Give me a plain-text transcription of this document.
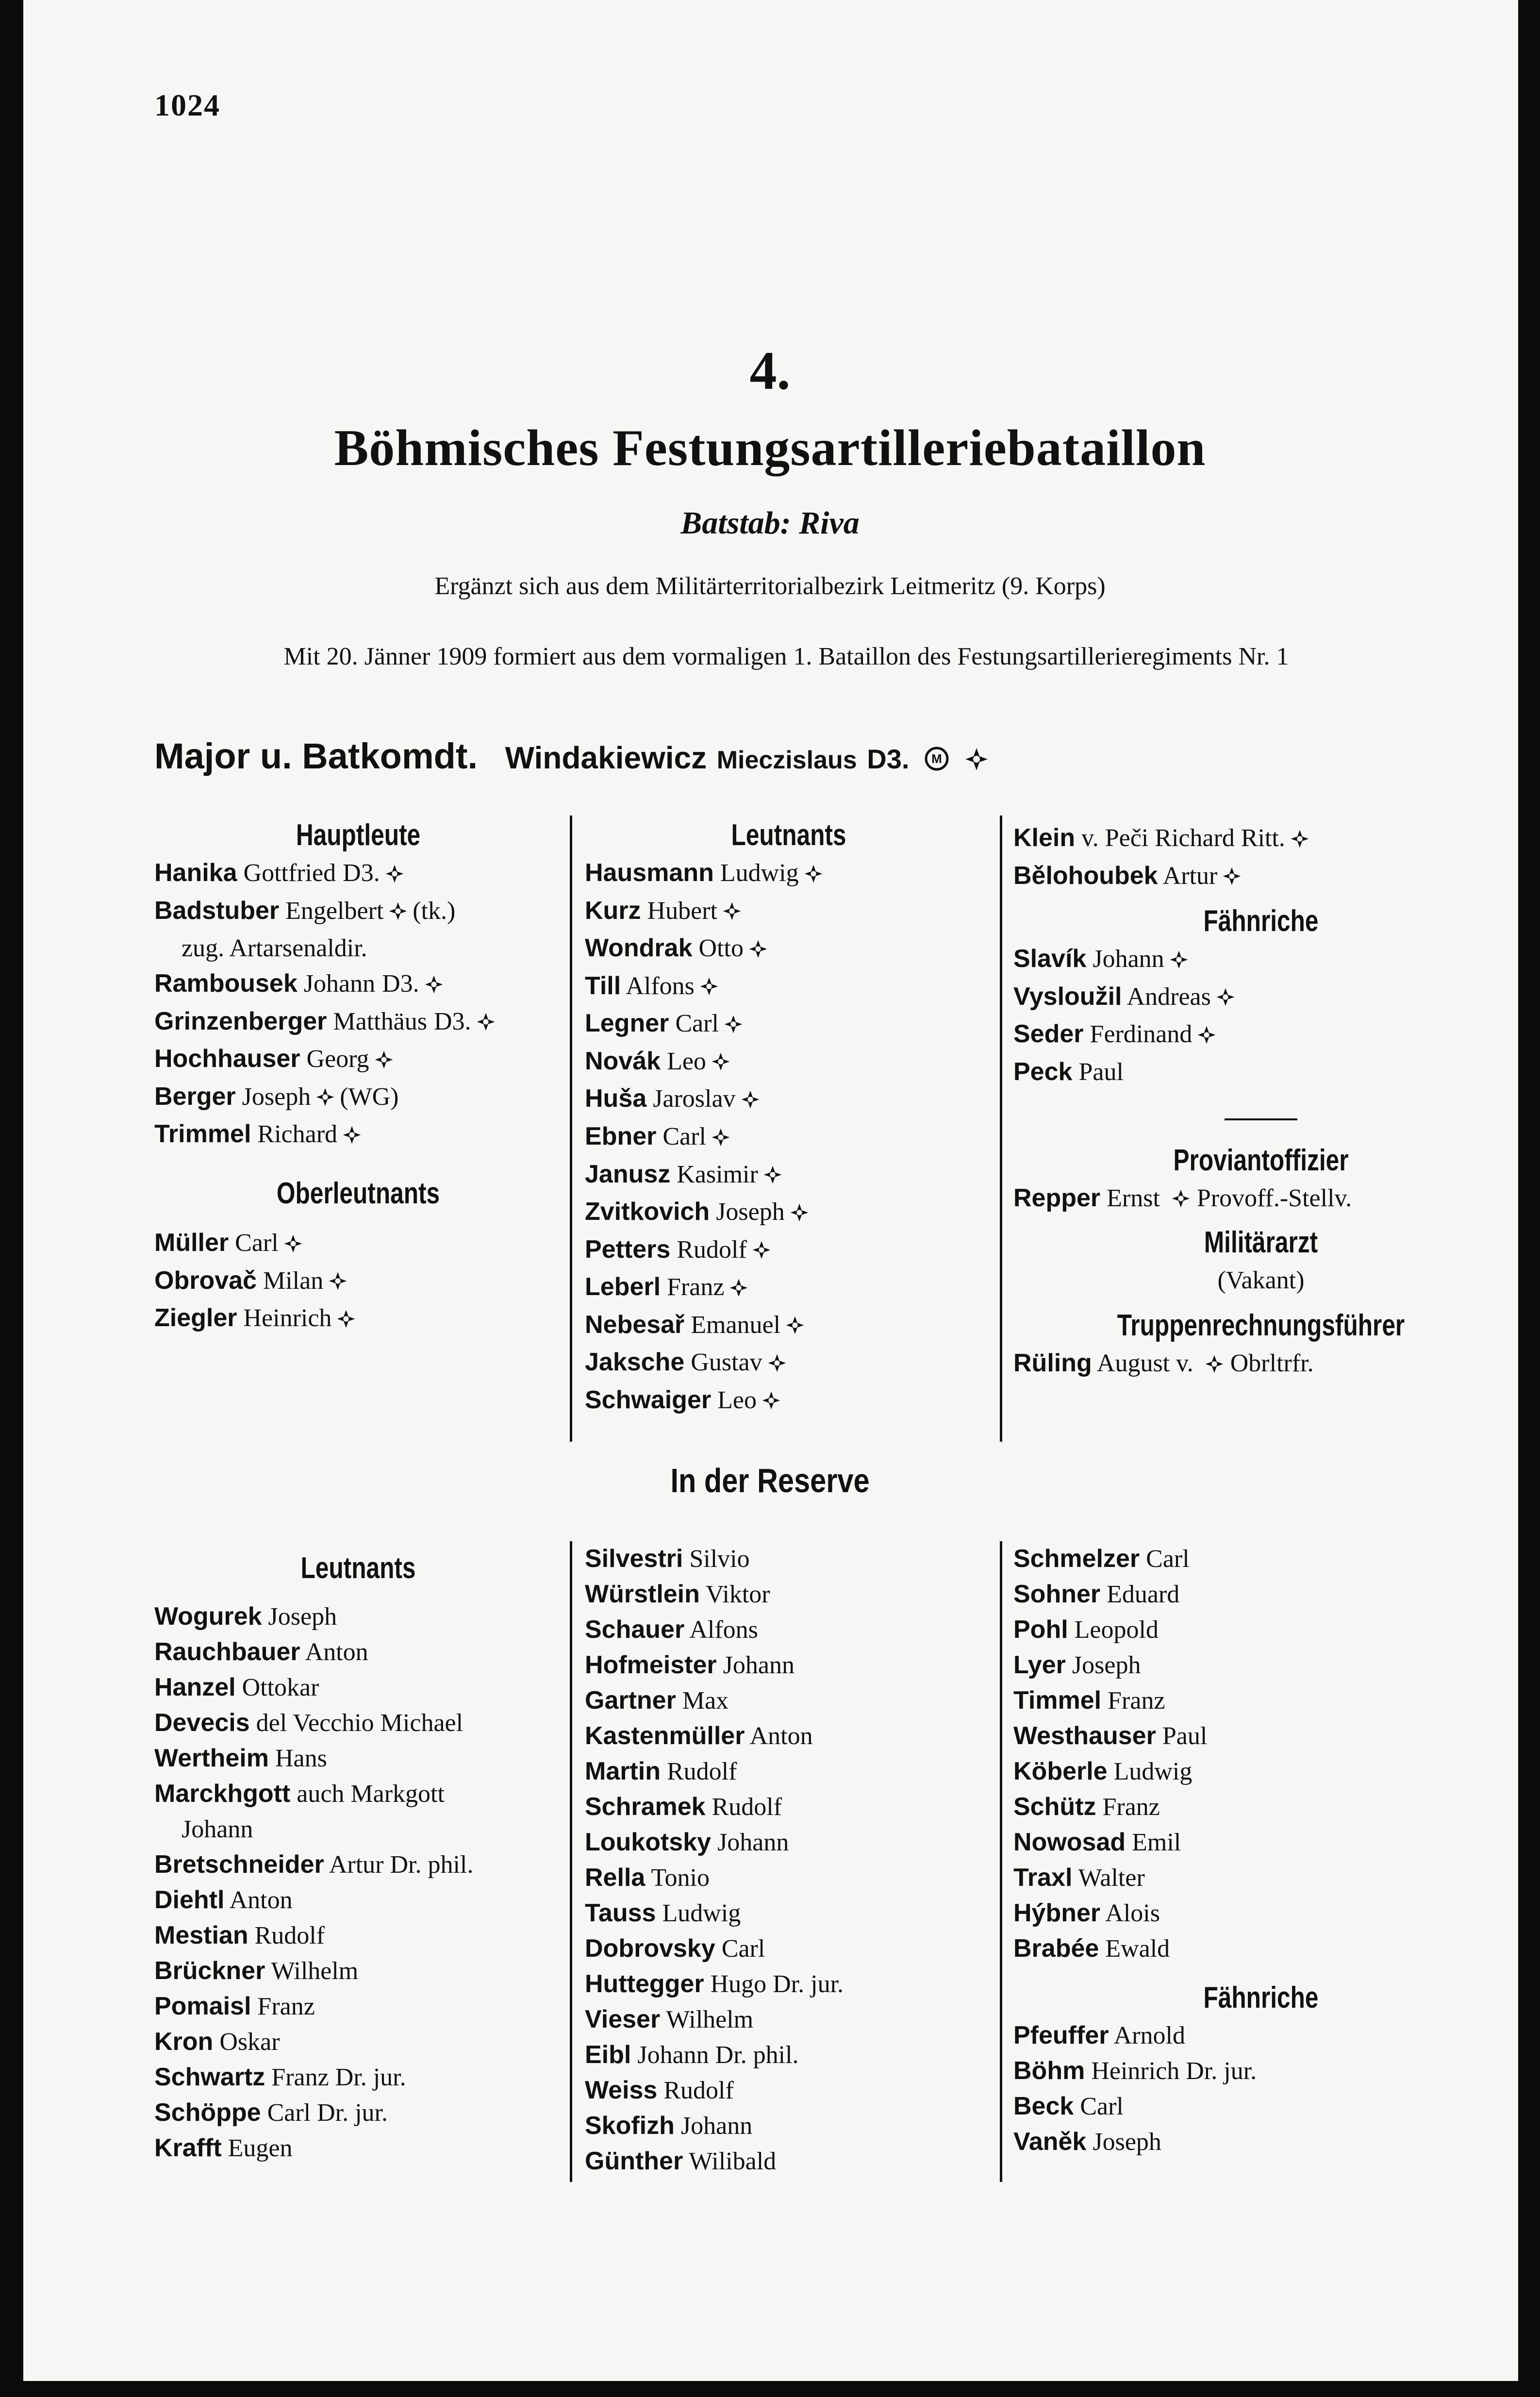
1024
4.
Böhmisches Festungsartilleriebataillon
Batstab: Riva
Ergänzt sich aus dem Militärterritorialbezirk Leitmeritz (9. Korps)
Mit 20. Jänner 1909 formiert aus dem vormaligen 1. Bataillon des Festungsartillerieregiments Nr. 1
Major u. Batkomdt. Windakiewicz Mieczislaus D3. M

Hauptleute
Hanika Gottfried D3.
Badstuber Engelbert (tk.)
zug. Artarsenaldir.
Rambousek Johann D3.
Grinzenberger Matthäus D3.
Hochhauser Georg
Berger Joseph (WG)
Trimmel Richard
Oberleutnants
Müller Carl
Obrovač Milan
Ziegler Heinrich
Leutnants
Hausmann Ludwig
Kurz Hubert
Wondrak Otto
Till Alfons
Legner Carl
Novák Leo
Huša Jaroslav
Ebner Carl
Janusz Kasimir
Zvitkovich Joseph
Petters Rudolf
Leberl Franz
Nebesař Emanuel
Jaksche Gustav
Schwaiger Leo
Klein v. Peči Richard Ritt.
Bělohoubek Artur
Fähnriche
Slavík Johann
Vysloužil Andreas
Seder Ferdinand
Peck Paul
Proviantoffizier
Repper Ernst Provoff.-Stellv.
Militärarzt
(Vakant)
Truppenrechnungsführer
Rüling August v. Obrltrfr.
In der Reserve
Leutnants
Wogurek Joseph
Rauchbauer Anton
Hanzel Ottokar
Devecis del Vecchio Michael
Wertheim Hans
Marckhgott auch Markgott
Johann
Bretschneider Artur Dr. phil.
Diehtl Anton
Mestian Rudolf
Brückner Wilhelm
Pomaisl Franz
Kron Oskar
Schwartz Franz Dr. jur.
Schöppe Carl Dr. jur.
Krafft Eugen
Silvestri Silvio
Würstlein Viktor
Schauer Alfons
Hofmeister Johann
Gartner Max
Kastenmüller Anton
Martin Rudolf
Schramek Rudolf
Loukotsky Johann
Rella Tonio
Tauss Ludwig
Dobrovsky Carl
Huttegger Hugo Dr. jur.
Vieser Wilhelm
Eibl Johann Dr. phil.
Weiss Rudolf
Skofizh Johann
Günther Wilibald
Schmelzer Carl
Sohner Eduard
Pohl Leopold
Lyer Joseph
Timmel Franz
Westhauser Paul
Köberle Ludwig
Schütz Franz
Nowosad Emil
Traxl Walter
Hýbner Alois
Brabée Ewald
Fähnriche
Pfeuffer Arnold
Böhm Heinrich Dr. jur.
Beck Carl
Vaněk Joseph
